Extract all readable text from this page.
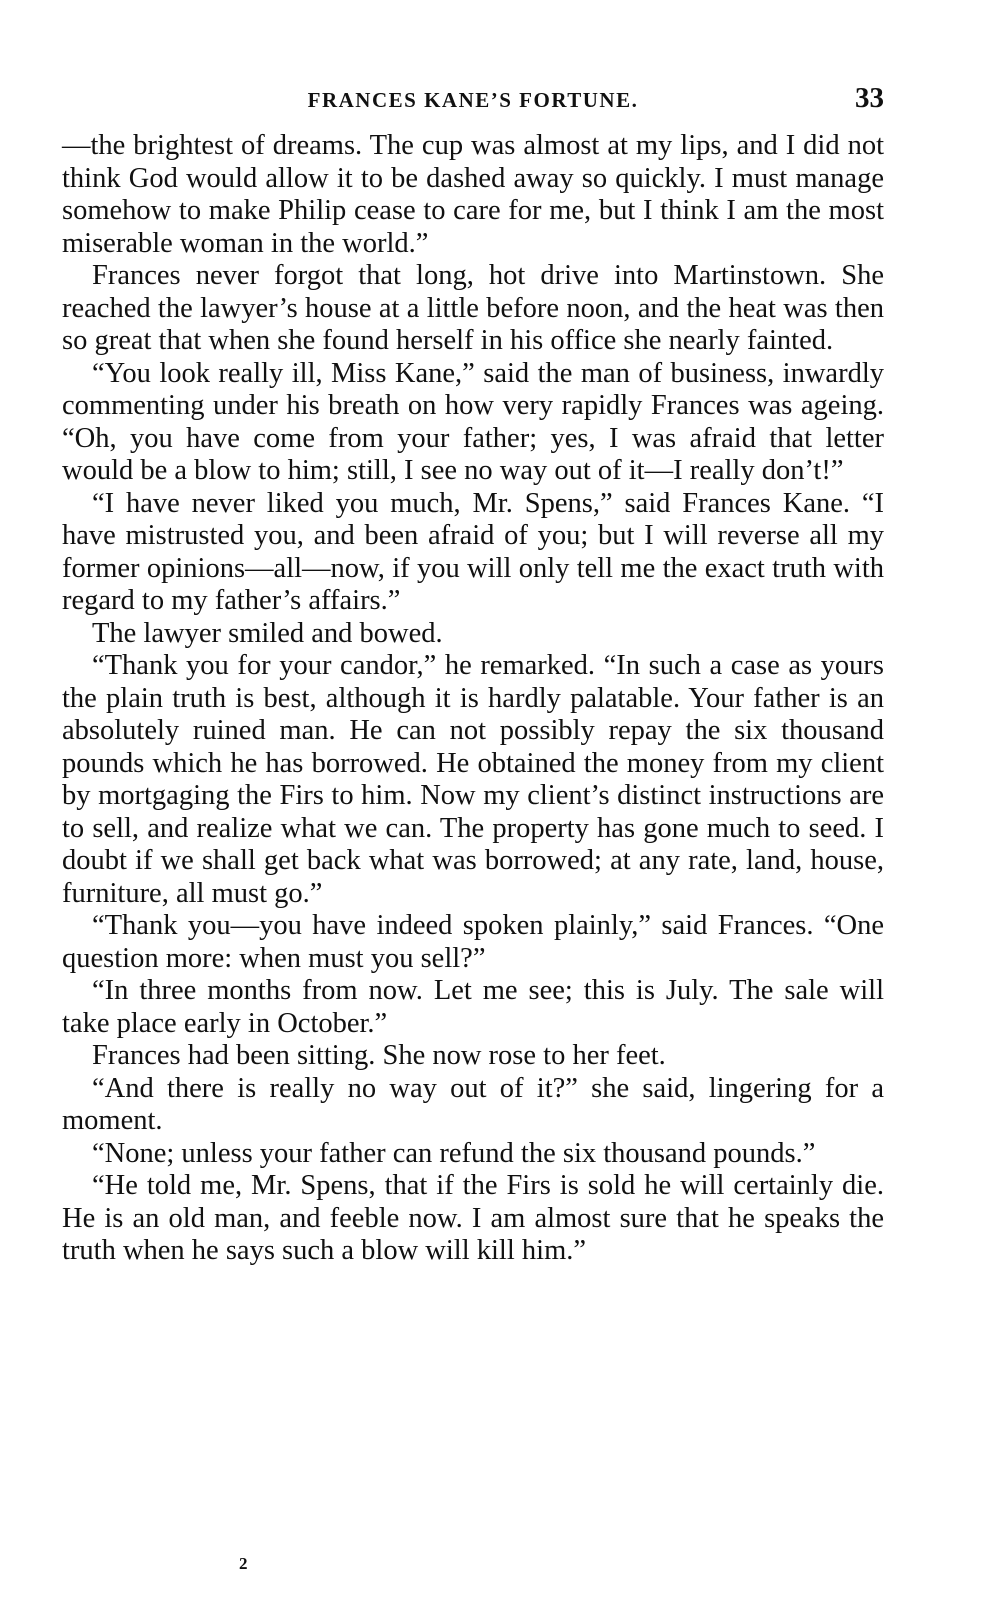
FRANCES KANE’S FORTUNE.	33

—the brightest of dreams. The cup was almost at my lips, and I did not think God would allow it to be dashed away so quickly. I must manage somehow to make Philip cease to care for me, but I think I am the most miserable woman in the world.”

Frances never forgot that long, hot drive into Martinstown. She reached the lawyer’s house at a little before noon, and the heat was then so great that when she found herself in his office she nearly fainted.

“You look really ill, Miss Kane,” said the man of business, inwardly commenting under his breath on how very rapidly Frances was ageing. “Oh, you have come from your father; yes, I was afraid that letter would be a blow to him; still, I see no way out of it—I really don’t!”

“I have never liked you much, Mr. Spens,” said Frances Kane. “I have mistrusted you, and been afraid of you; but I will reverse all my former opinions—all—now, if you will only tell me the exact truth with regard to my father’s affairs.”

The lawyer smiled and bowed.

“Thank you for your candor,” he remarked. “In such a case as yours the plain truth is best, although it is hardly palatable. Your father is an absolutely ruined man. He can not possibly repay the six thousand pounds which he has borrowed. He obtained the money from my client by mortgaging the Firs to him. Now my client’s distinct instructions are to sell, and realize what we can. The property has gone much to seed. I doubt if we shall get back what was borrowed; at any rate, land, house, furniture, all must go.”

“Thank you—you have indeed spoken plainly,” said Frances. “One question more: when must you sell?”

“In three months from now. Let me see; this is July. The sale will take place early in October.”

Frances had been sitting. She now rose to her feet.

“And there is really no way out of it?” she said, lingering for a moment.

“None; unless your father can refund the six thousand pounds.”

“He told me, Mr. Spens, that if the Firs is sold he will certainly die. He is an old man, and feeble now. I am almost sure that he speaks the truth when he says such a blow will kill him.”

2
